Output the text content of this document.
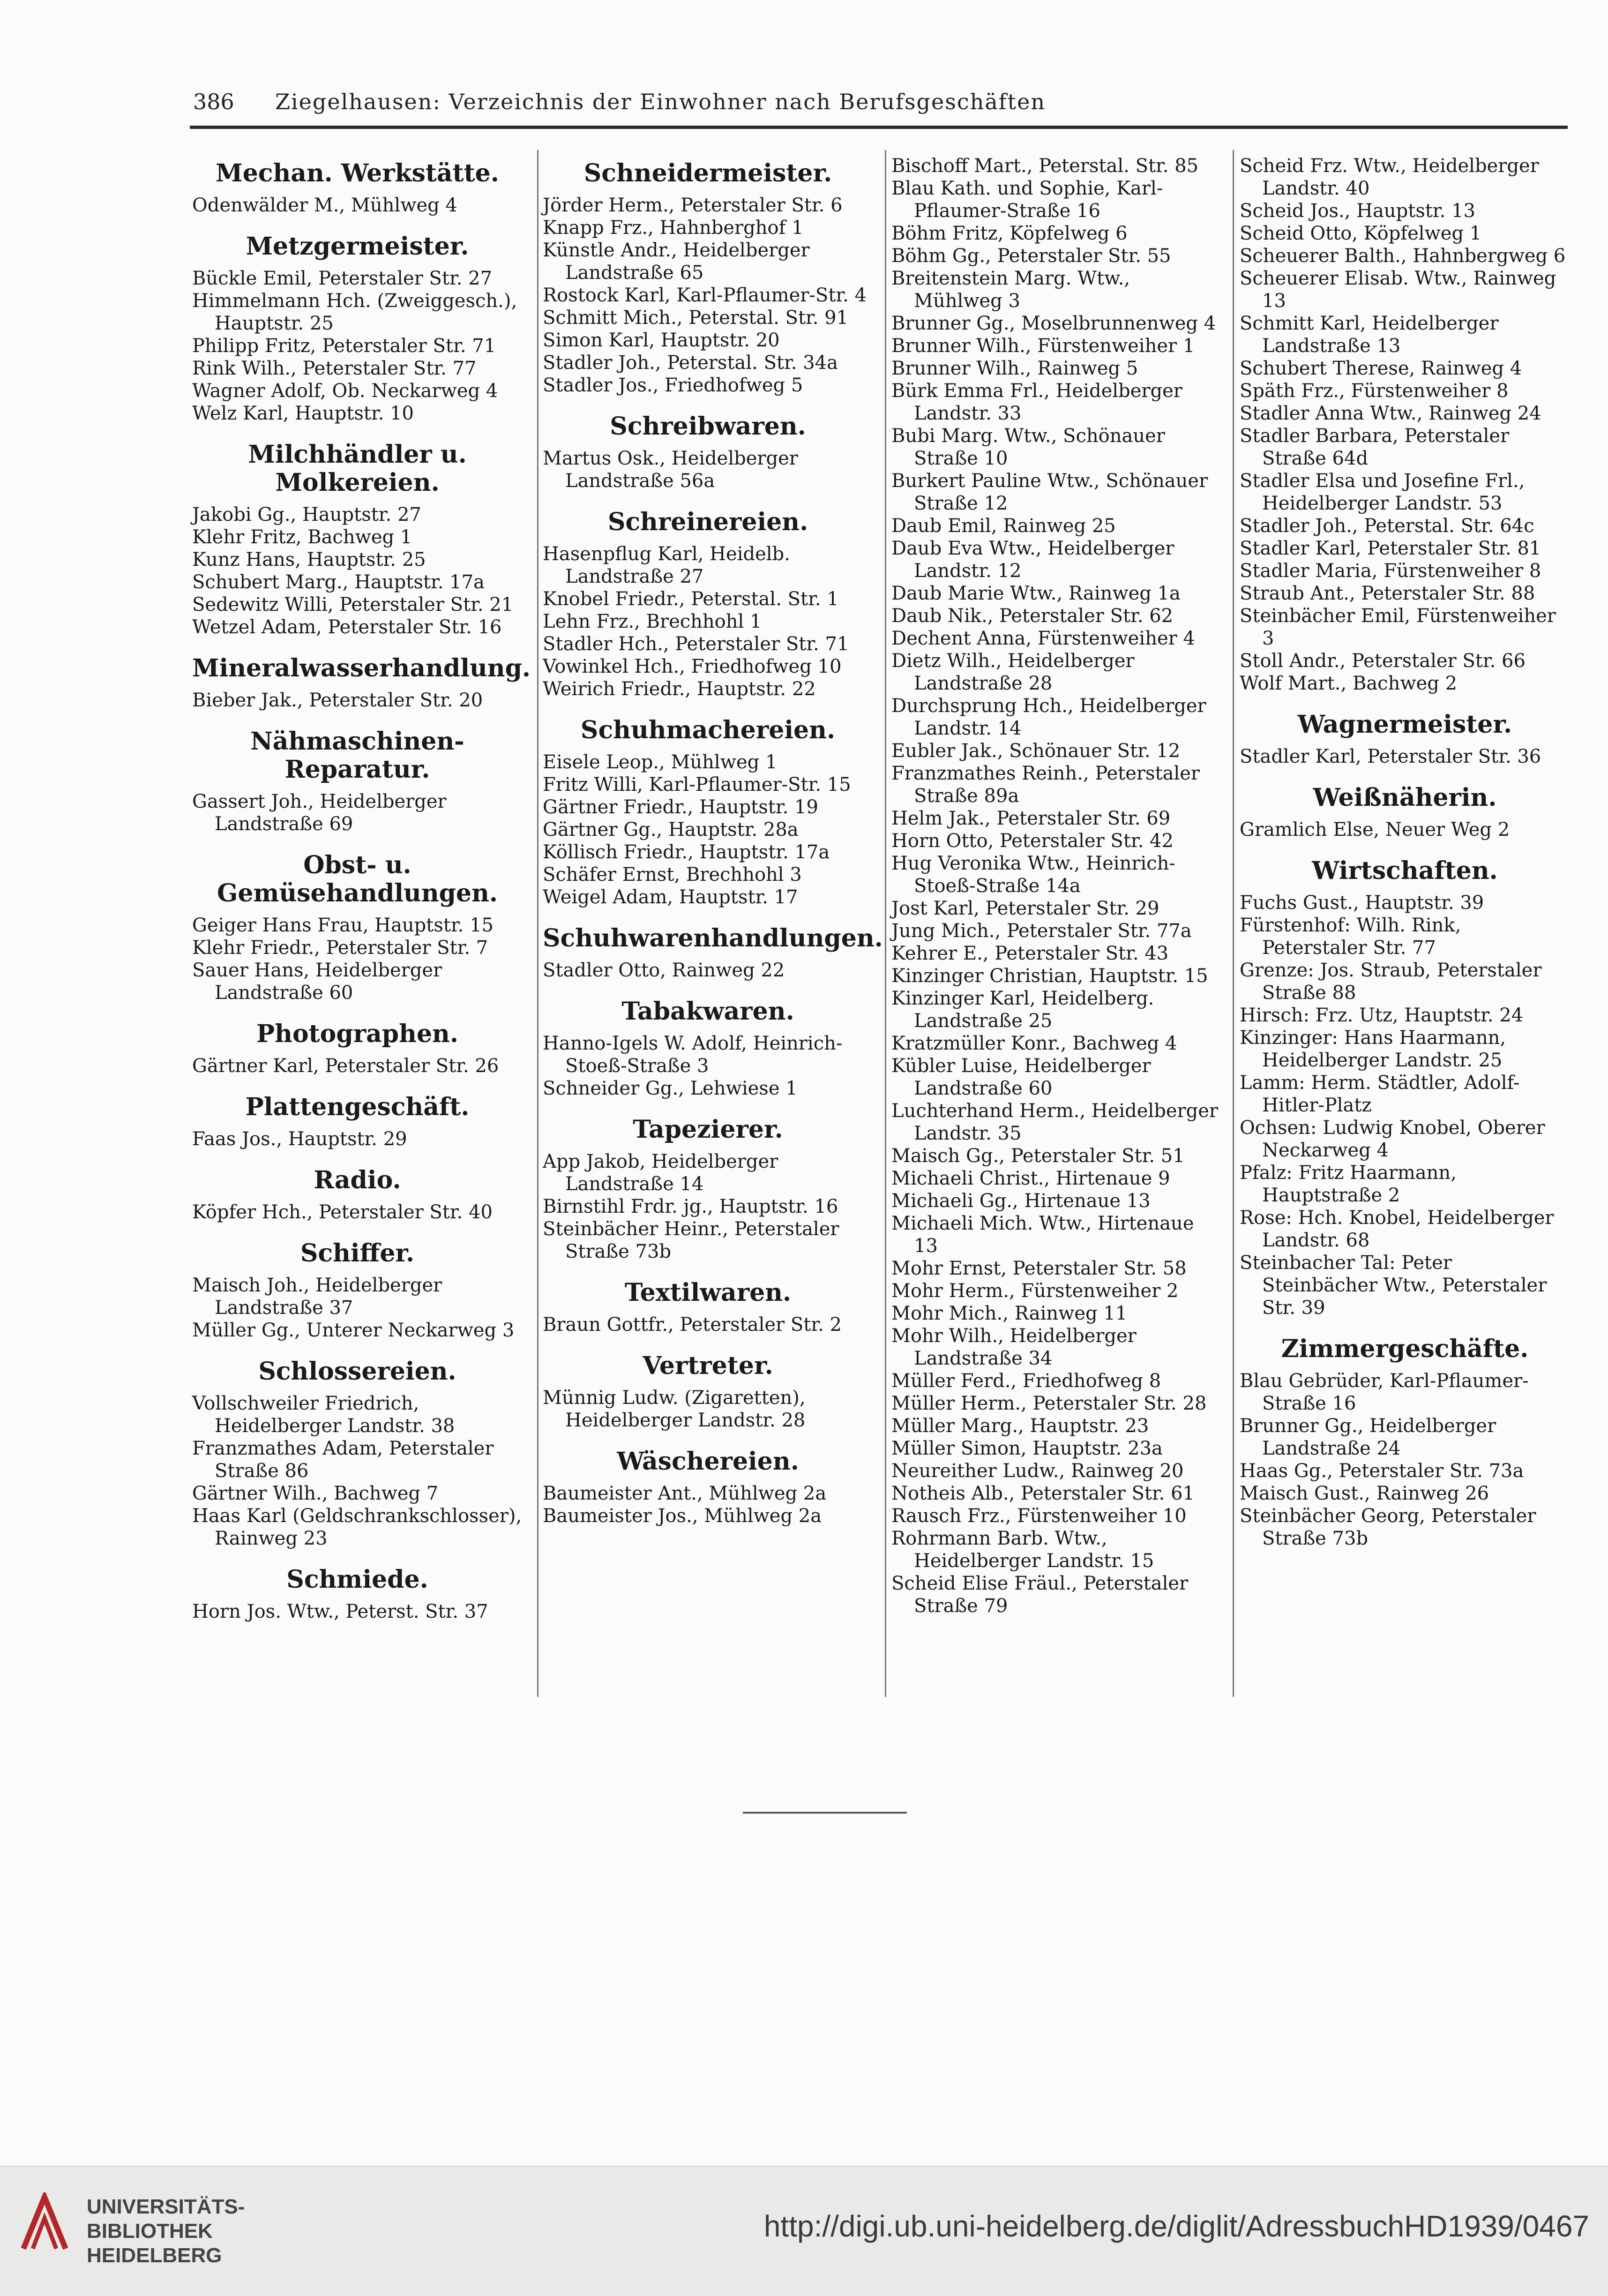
386 Ziegelhausen: Verzeichnis der Einwohner nach Berufsgeschäften
Mechan. Werkstätte.
Odenwälder M., Mühlweg 4
Metzgermeister.
Bückle Emil, Peterstaler Str. 27
Himmelmann Hch. (Zweiggesch.), Hauptstr. 25
Philipp Fritz, Peterstaler Str. 71
Rink Wilh., Peterstaler Str. 77
Wagner Adolf, Ob. Neckarweg 4
Welz Karl, Hauptstr. 10
Milchhändler u. Molkereien.
Jakobi Gg., Hauptstr. 27
Klehr Fritz, Bachweg 1
Kunz Hans, Hauptstr. 25
Schubert Marg., Hauptstr. 17a
Sedewitz Willi, Peterstaler Str. 21
Wetzel Adam, Peterstaler Str. 16
Mineralwasserhandlung.
Bieber Jak., Peterstaler Str. 20
Nähmaschinen-Reparatur.
Gassert Joh., Heidelberger Landstraße 69
Obst- u. Gemüsehandlungen.
Geiger Hans Frau, Hauptstr. 15
Klehr Friedr., Peterstaler Str. 7
Sauer Hans, Heidelberger Landstraße 60
Photographen.
Gärtner Karl, Peterstaler Str. 26
Plattengeschäft.
Faas Jos., Hauptstr. 29
Radio.
Köpfer Hch., Peterstaler Str. 40
Schiffer.
Maisch Joh., Heidelberger Landstraße 37
Müller Gg., Unterer Neckarweg 3
Schlossereien.
Vollschweiler Friedrich, Heidelberger Landstr. 38
Franzmathes Adam, Peterstaler Straße 86
Gärtner Wilh., Bachweg 7
Haas Karl (Geldschrankschlosser), Rainweg 23
Schmiede.
Horn Jos. Wtw., Peterst. Str. 37
Schneidermeister.
Jörder Herm., Peterstaler Str. 6
Knapp Frz., Hahnberghof 1
Künstle Andr., Heidelberger Landstraße 65
Rostock Karl, Karl-Pflaumer-Str. 4
Schmitt Mich., Peterstal. Str. 91
Simon Karl, Hauptstr. 20
Stadler Joh., Peterstal. Str. 34a
Stadler Jos., Friedhofweg 5
Schreibwaren.
Martus Osk., Heidelberger Landstraße 56a
Schreinereien.
Hasenpflug Karl, Heidelb. Landstraße 27
Knobel Friedr., Peterstal. Str. 1
Lehn Frz., Brechhohl 1
Stadler Hch., Peterstaler Str. 71
Vowinkel Hch., Friedhofweg 10
Weirich Friedr., Hauptstr. 22
Schuhmachereien.
Eisele Leop., Mühlweg 1
Fritz Willi, Karl-Pflaumer-Str. 15
Gärtner Friedr., Hauptstr. 19
Gärtner Gg., Hauptstr. 28a
Köllisch Friedr., Hauptstr. 17a
Schäfer Ernst, Brechhohl 3
Weigel Adam, Hauptstr. 17
Schuhwarenhandlungen.
Stadler Otto, Rainweg 22
Tabakwaren.
Hanno-Igels W. Adolf, Heinrich-Stoeß-Straße 3
Schneider Gg., Lehwiese 1
Tapezierer.
App Jakob, Heidelberger Landstraße 14
Birnstihl Frdr. jg., Hauptstr. 16
Steinbächer Heinr., Peterstaler Straße 73b
Textilwaren.
Braun Gottfr., Peterstaler Str. 2
Vertreter.
Münnig Ludw. (Zigaretten), Heidelberger Landstr. 28
Wäschereien.
Baumeister Ant., Mühlweg 2a
Baumeister Jos., Mühlweg 2a
Bischoff Mart., Peterstal. Str. 85
Blau Kath. und Sophie, Karl-Pflaumer-Straße 16
Böhm Fritz, Köpfelweg 6
Böhm Gg., Peterstaler Str. 55
Breitenstein Marg. Wtw., Mühlweg 3
Brunner Gg., Moselbrunnenweg 4
Brunner Wilh., Fürstenweiher 1
Brunner Wilh., Rainweg 5
Bürk Emma Frl., Heidelberger Landstr. 33
Bubi Marg. Wtw., Schönauer Straße 10
Burkert Pauline Wtw., Schönauer Straße 12
Daub Emil, Rainweg 25
Daub Eva Wtw., Heidelberger Landstr. 12
Daub Marie Wtw., Rainweg 1a
Daub Nik., Peterstaler Str. 62
Dechent Anna, Fürstenweiher 4
Dietz Wilh., Heidelberger Landstraße 28
Durchsprung Hch., Heidelberger Landstr. 14
Eubler Jak., Schönauer Str. 12
Franzmathes Reinh., Peterstaler Straße 89a
Helm Jak., Peterstaler Str. 69
Horn Otto, Peterstaler Str. 42
Hug Veronika Wtw., Heinrich-Stoeß-Straße 14a
Jost Karl, Peterstaler Str. 29
Jung Mich., Peterstaler Str. 77a
Kehrer E., Peterstaler Str. 43
Kinzinger Christian, Hauptstr. 15
Kinzinger Karl, Heidelberg. Landstraße 25
Kratzmüller Konr., Bachweg 4
Kübler Luise, Heidelberger Landstraße 60
Luchterhand Herm., Heidelberger Landstr. 35
Maisch Gg., Peterstaler Str. 51
Michaeli Christ., Hirtenaue 9
Michaeli Gg., Hirtenaue 13
Michaeli Mich. Wtw., Hirtenaue 13
Mohr Ernst, Peterstaler Str. 58
Mohr Herm., Fürstenweiher 2
Mohr Mich., Rainweg 11
Mohr Wilh., Heidelberger Landstraße 34
Müller Ferd., Friedhofweg 8
Müller Herm., Peterstaler Str. 28
Müller Marg., Hauptstr. 23
Müller Simon, Hauptstr. 23a
Neureither Ludw., Rainweg 20
Notheis Alb., Peterstaler Str. 61
Rausch Frz., Fürstenweiher 10
Rohrmann Barb. Wtw., Heidelberger Landstr. 15
Scheid Elise Fräul., Peterstaler Straße 79
Scheid Frz. Wtw., Heidelberger Landstr. 40
Scheid Jos., Hauptstr. 13
Scheid Otto, Köpfelweg 1
Scheuerer Balth., Hahnbergweg 6
Scheuerer Elisab. Wtw., Rainweg 13
Schmitt Karl, Heidelberger Landstraße 13
Schubert Therese, Rainweg 4
Späth Frz., Fürstenweiher 8
Stadler Anna Wtw., Rainweg 24
Stadler Barbara, Peterstaler Straße 64d
Stadler Elsa und Josefine Frl., Heidelberger Landstr. 53
Stadler Joh., Peterstal. Str. 64c
Stadler Karl, Peterstaler Str. 81
Stadler Maria, Fürstenweiher 8
Straub Ant., Peterstaler Str. 88
Steinbächer Emil, Fürstenweiher 3
Stoll Andr., Peterstaler Str. 66
Wolf Mart., Bachweg 2
Wagnermeister.
Stadler Karl, Peterstaler Str. 36
Weißnäherin.
Gramlich Else, Neuer Weg 2
Wirtschaften.
Fuchs Gust., Hauptstr. 39
Fürstenhof: Wilh. Rink, Peterstaler Str. 77
Grenze: Jos. Straub, Peterstaler Straße 88
Hirsch: Frz. Utz, Hauptstr. 24
Kinzinger: Hans Haarmann, Heidelberger Landstr. 25
Lamm: Herm. Städtler, Adolf-Hitler-Platz
Ochsen: Ludwig Knobel, Oberer Neckarweg 4
Pfalz: Fritz Haarmann, Hauptstraße 2
Rose: Hch. Knobel, Heidelberger Landstr. 68
Steinbacher Tal: Peter Steinbächer Wtw., Peterstaler Str. 39
Zimmergeschäfte.
Blau Gebrüder, Karl-Pflaumer-Straße 16
Brunner Gg., Heidelberger Landstraße 24
Haas Gg., Peterstaler Str. 73a
Maisch Gust., Rainweg 26
Steinbächer Georg, Peterstaler Straße 73b
UNIVERSITÄTS-
BIBLIOTHEK
HEIDELBERG
http://digi.ub.uni-heidelberg.de/diglit/AdressbuchHD1939/0467
